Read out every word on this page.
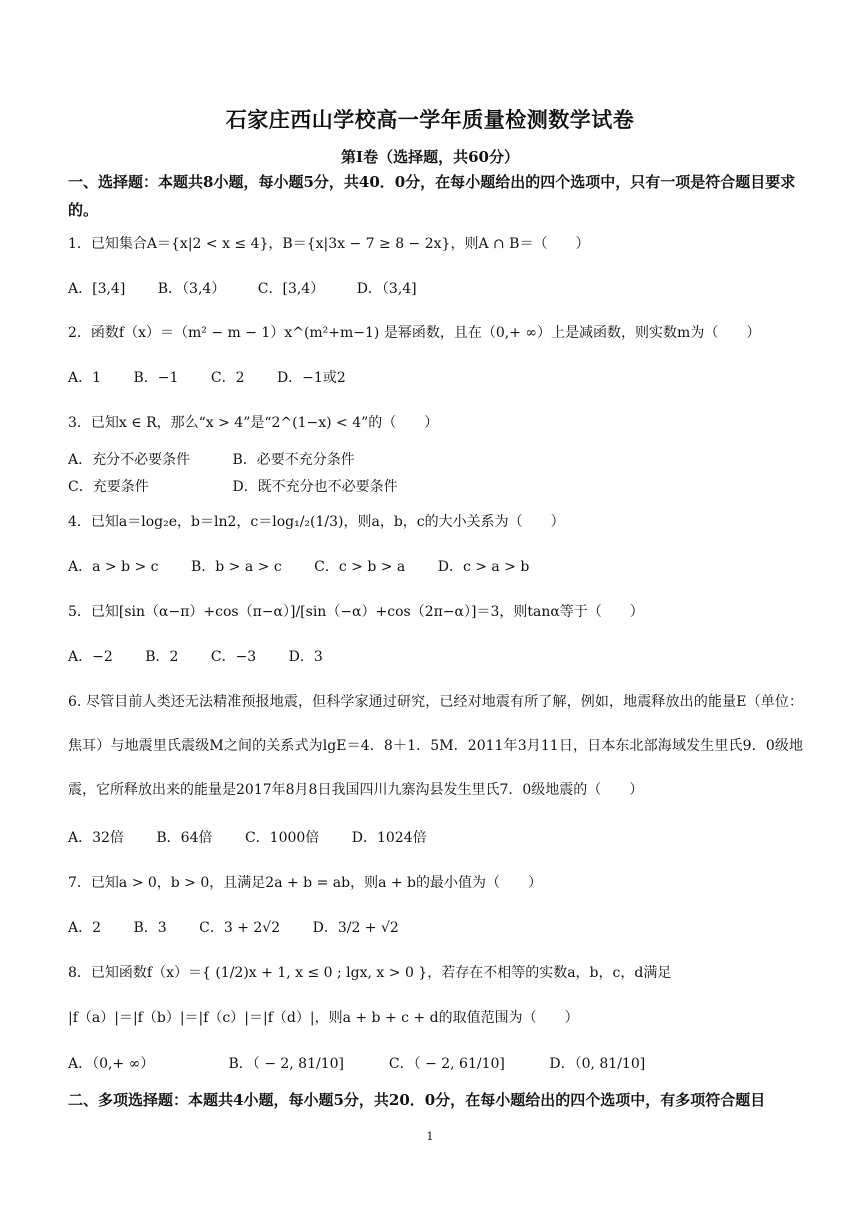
石家庄西山学校高一学年质量检测数学试卷
第Ⅰ卷（选择题，共60分）
一、选择题：本题共8小题，每小题5分，共40．0分，在每小题给出的四个选项中，只有一项是符合题目要求的。
1．已知集合A＝{x|2 < x ≤ 4}，B＝{x|3x − 7 ≥ 8 − 2x}，则A ∩ B＝（　　）
A．[3,4] B．（3,4） C．[3,4） D．（3,4]
2．函数f（x）＝（m² − m − 1）x^(m²+m−1) 是幂函数，且在（0,+ ∞）上是减函数，则实数m为（　　）
A．1 B．−1 C．2 D．−1或2
3．已知x ∈ R，那么“x > 4”是“2^(1−x) < 4”的（　　）
A．充分不必要条件	B．必要不充分条件
C．充要条件	D．既不充分也不必要条件
4．已知a＝log₂e，b＝ln2，c＝log₁/₂(1/3)，则a，b，c的大小关系为（　　）
A．a > b > c B．b > a > c C．c > b > a D．c > a > b
5．已知[sin（α−π）+cos（π−α）]/[sin（−α）+cos（2π−α）]＝3，则tanα等于（　　）
A．−2 B．2 C．−3 D．3
6. 尽管目前人类还无法精准预报地震，但科学家通过研究，已经对地震有所了解，例如，地震释放出的能量E（单位：焦耳）与地震里氏震级M之间的关系式为lgE＝4．8＋1．5M．2011年3月11日，日本东北部海域发生里氏9．0级地震，它所释放出来的能量是2017年8月8日我国四川九寨沟县发生里氏7．0级地震的（　　）
A．32倍 B．64倍 C．1000倍 D．1024倍
7．已知a > 0，b > 0，且满足2a + b = ab，则a + b的最小值为（　　）
A．2 B．3 C．3 + 2√2 D．3/2 + √2
8．已知函数f（x）＝{ (1/2)x + 1, x ≤ 0 ; lgx, x > 0 }，若存在不相等的实数a，b，c，d满足
|f（a）|＝|f（b）|＝|f（c）|＝|f（d）|，则a + b + c + d的取值范围为（　　）
A．（0,+ ∞）	B．（ − 2, 81/10]	C．（ − 2, 61/10]	D．（0, 81/10]
二、多项选择题：本题共4小题，每小题5分，共20．0分，在每小题给出的四个选项中，有多项符合题目
1
